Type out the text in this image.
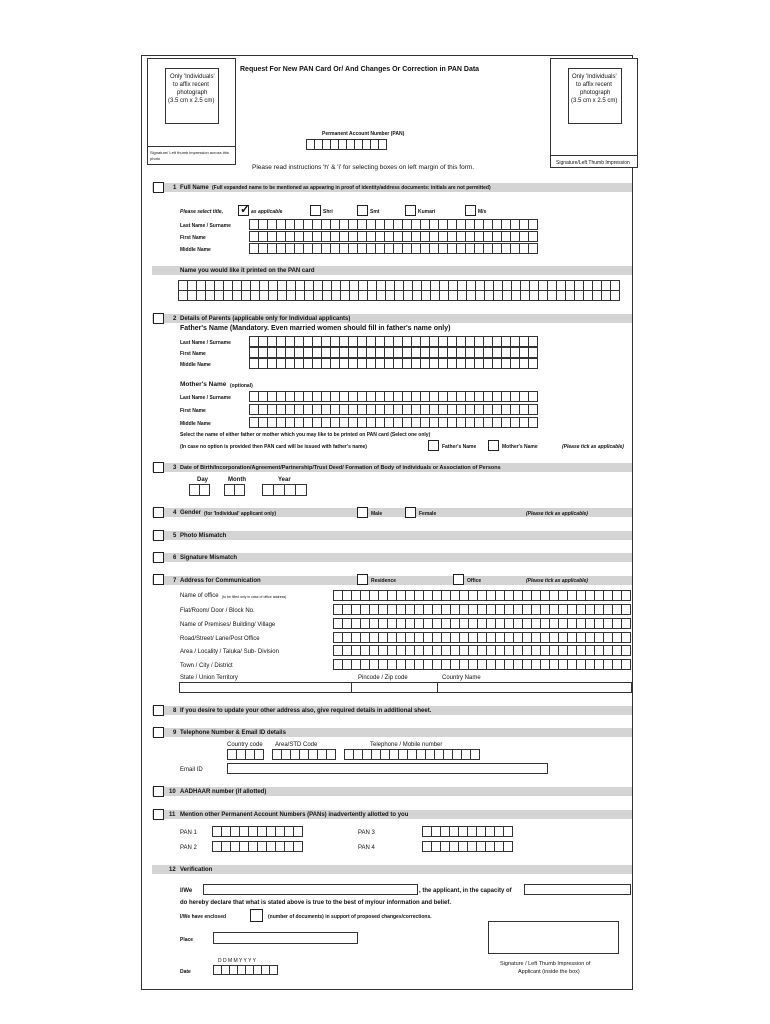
Only 'Individuals'
to affix recent
photograph
(3.5 cm x 2.5 cm)
Signature/ Left thumb impression across this photo
Request For New PAN Card Or/ And Changes Or Correction in PAN Data
Only 'Individuals'
to affix recent
photograph
(3.5 cm x 2.5 cm)
Signature/Left Thumb Impression
Permanent Account Number (PAN)
Please read instructions 'h' & 'i' for selecting boxes on left margin of this form.
1 Full Name (Full expanded name to be mentioned as appearing in proof of identity/address documents: initials are not permitted)
Please select title, ✓ as applicable	Shri	Smt	Kumari	M/s
Last Name / Surname
First Name
Middle Name
Name you would like it printed on the PAN card
2 Details of Parents (applicable only for Individual applicants)
Father's Name (Mandatory. Even married women should fill in father's name only)
Last Name / Surname
First Name
Middle Name
Mother's Name (optional)
Last Name / Surname
First Name
Middle Name
Select the name of either father or mother which you may like to be printed on PAN card (Select one only)
(In case no option is provided then PAN card will be issued with father's name)	Father's Name	Mother's Name	(Please tick as applicable)
3 Date of Birth/Incorporation/Agreement/Partnership/Trust Deed/ Formation of Body of individuals or Association of Persons
Day	Month	Year
4 Gender (for 'Individual' applicant only)	Male	Female	(Please tick as applicable)
5 Photo Mismatch
6 Signature Mismatch
7 Address for Communication	Residence	Office	(Please tick as applicable)
Name of office (to be filled only in case of office address)
Flat/Room/ Door / Block No.
Name of Premises/ Building/ Village
Road/Street/ Lane/Post Office
Area / Locality / Taluka/ Sub- Division
Town / City / District
State / Union Territory	Pincode / Zip code	Country Name
8 If you desire to update your other address also, give required details in additional sheet.
9 Telephone Number & Email ID details
Country code Area/STD Code	Telephone / Mobile number
Email ID
10 AADHAAR number (if allotted)
11 Mention other Permanent Account Numbers (PANs) inadvertently allotted to you
PAN 1
PAN 2
PAN 3
PAN 4
12 Verification
I/We	, the applicant, in the capacity of
do hereby declare that what is stated above is true to the best of my/our information and belief.
I/We have enclosed	(number of documents) in support of proposed changes/corrections.
Place
Signature / Left Thumb Impression of
Applicant (inside the box)
D D M M Y Y Y Y
Date
